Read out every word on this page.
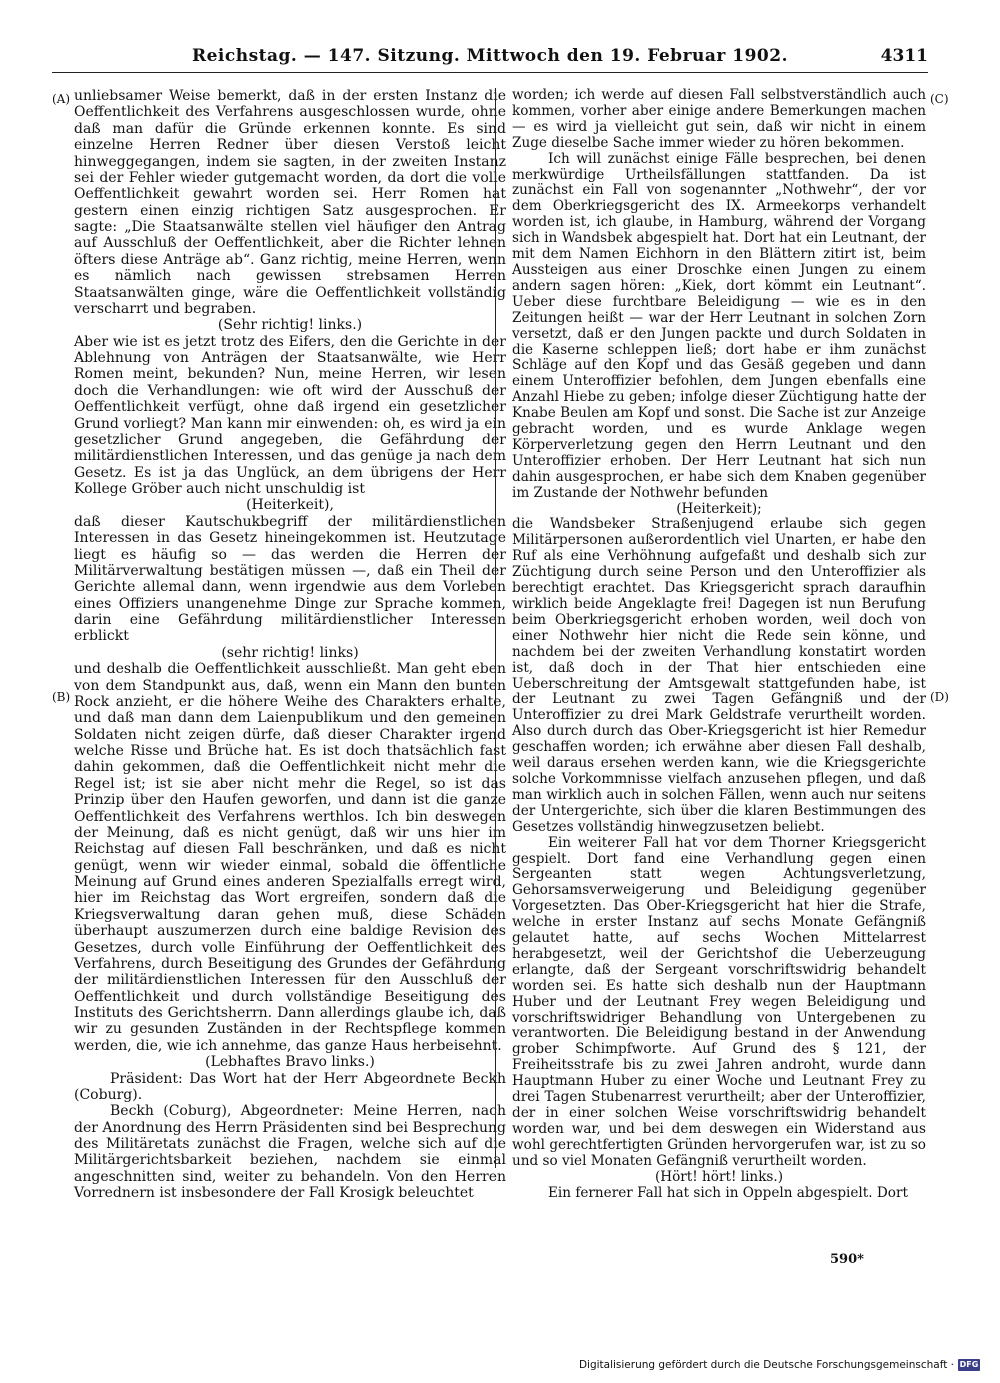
Reichstag. — 147. Sitzung. Mittwoch den 19. Februar 1902.	4311
(A)
(B)
(C)
(D)

unliebsamer Weise bemerkt, daß in der ersten Instanz die Oeffentlichkeit des Verfahrens ausgeschlossen wurde, ohne daß man dafür die Gründe erkennen konnte. Es sind einzelne Herren Redner über diesen Verstoß leicht hinweggegangen, indem sie sagten, in der zweiten Instanz sei der Fehler wieder gutgemacht worden, da dort die volle Oeffentlichkeit gewahrt worden sei. Herr Romen hat gestern einen einzig richtigen Satz ausgesprochen. Er sagte: „Die Staatsanwälte stellen viel häufiger den Antrag auf Ausschluß der Oeffentlichkeit, aber die Richter lehnen öfters diese Anträge ab“. Ganz richtig, meine Herren, wenn es nämlich nach gewissen strebsamen Herren Staatsanwälten ginge, wäre die Oeffentlichkeit vollständig verscharrt und begraben.

(Sehr richtig! links.)

Aber wie ist es jetzt trotz des Eifers, den die Gerichte in der Ablehnung von Anträgen der Staatsanwälte, wie Herr Romen meint, bekunden? Nun, meine Herren, wir lesen doch die Verhandlungen: wie oft wird der Ausschuß der Oeffentlichkeit verfügt, ohne daß irgend ein gesetzlicher Grund vorliegt? Man kann mir einwenden: oh, es wird ja ein gesetzlicher Grund angegeben, die Gefährdung der militärdienstlichen Interessen, und das genüge ja nach dem Gesetz. Es ist ja das Unglück, an dem übrigens der Herr Kollege Gröber auch nicht unschuldig ist

(Heiterkeit),

daß dieser Kautschukbegriff der militärdienstlichen Interessen in das Gesetz hineingekommen ist. Heutzutage liegt es häufig so — das werden die Herren der Militärverwaltung bestätigen müssen —, daß ein Theil der Gerichte allemal dann, wenn irgendwie aus dem Vorleben eines Offiziers unangenehme Dinge zur Sprache kommen, darin eine Gefährdung militärdienstlicher Interessen erblickt

(sehr richtig! links)

und deshalb die Oeffentlichkeit ausschließt. Man geht eben von dem Standpunkt aus, daß, wenn ein Mann den bunten Rock anzieht, er die höhere Weihe des Charakters erhalte, und daß man dann dem Laienpublikum und den gemeinen Soldaten nicht zeigen dürfe, daß dieser Charakter irgend welche Risse und Brüche hat. Es ist doch thatsächlich fast dahin gekommen, daß die Oeffentlichkeit nicht mehr die Regel ist; ist sie aber nicht mehr die Regel, so ist das Prinzip über den Haufen geworfen, und dann ist die ganze Oeffentlichkeit des Verfahrens werthlos. Ich bin deswegen der Meinung, daß es nicht genügt, daß wir uns hier im Reichstag auf diesen Fall beschränken, und daß es nicht genügt, wenn wir wieder einmal, sobald die öffentliche Meinung auf Grund eines anderen Spezialfalls erregt wird, hier im Reichstag das Wort ergreifen, sondern daß die Kriegsverwaltung daran gehen muß, diese Schäden überhaupt auszumerzen durch eine baldige Revision des Gesetzes, durch volle Einführung der Oeffentlichkeit des Verfahrens, durch Beseitigung des Grundes der Gefährdung der militärdienstlichen Interessen für den Ausschluß der Oeffentlichkeit und durch vollständige Beseitigung des Instituts des Gerichtsherrn. Dann allerdings glaube ich, daß wir zu gesunden Zuständen in der Rechtspflege kommen werden, die, wie ich annehme, das ganze Haus herbeisehnt.

(Lebhaftes Bravo links.)

Präsident: Das Wort hat der Herr Abgeordnete Beckh (Coburg).

Beckh (Coburg), Abgeordneter: Meine Herren, nach der Anordnung des Herrn Präsidenten sind bei Besprechung des Militäretats zunächst die Fragen, welche sich auf die Militärgerichtsbarkeit beziehen, nachdem sie einmal angeschnitten sind, weiter zu behandeln. Von den Herren Vorrednern ist insbesondere der Fall Krosigk beleuchtet

worden; ich werde auf diesen Fall selbstverständlich auch kommen, vorher aber einige andere Bemerkungen machen — es wird ja vielleicht gut sein, daß wir nicht in einem Zuge dieselbe Sache immer wieder zu hören bekommen.

Ich will zunächst einige Fälle besprechen, bei denen merkwürdige Urtheilsfällungen stattfanden. Da ist zunächst ein Fall von sogenannter „Nothwehr“, der vor dem Oberkriegsgericht des IX. Armeekorps verhandelt worden ist, ich glaube, in Hamburg, während der Vorgang sich in Wandsbek abgespielt hat. Dort hat ein Leutnant, der mit dem Namen Eichhorn in den Blättern zitirt ist, beim Aussteigen aus einer Droschke einen Jungen zu einem andern sagen hören: „Kiek, dort kömmt ein Leutnant“. Ueber diese furchtbare Beleidigung — wie es in den Zeitungen heißt — war der Herr Leutnant in solchen Zorn versetzt, daß er den Jungen packte und durch Soldaten in die Kaserne schleppen ließ; dort habe er ihm zunächst Schläge auf den Kopf und das Gesäß gegeben und dann einem Unteroffizier befohlen, dem Jungen ebenfalls eine Anzahl Hiebe zu geben; infolge dieser Züchtigung hatte der Knabe Beulen am Kopf und sonst. Die Sache ist zur Anzeige gebracht worden, und es wurde Anklage wegen Körperverletzung gegen den Herrn Leutnant und den Unteroffizier erhoben. Der Herr Leutnant hat sich nun dahin ausgesprochen, er habe sich dem Knaben gegenüber im Zustande der Nothwehr befunden

(Heiterkeit);

die Wandsbeker Straßenjugend erlaube sich gegen Militärpersonen außerordentlich viel Unarten, er habe den Ruf als eine Verhöhnung aufgefaßt und deshalb sich zur Züchtigung durch seine Person und den Unteroffizier als berechtigt erachtet. Das Kriegsgericht sprach daraufhin wirklich beide Angeklagte frei! Dagegen ist nun Berufung beim Oberkriegsgericht erhoben worden, weil doch von einer Nothwehr hier nicht die Rede sein könne, und nachdem bei der zweiten Verhandlung konstatirt worden ist, daß doch in der That hier entschieden eine Ueberschreitung der Amtsgewalt stattgefunden habe, ist der Leutnant zu zwei Tagen Gefängniß und der Unteroffizier zu drei Mark Geldstrafe verurtheilt worden. Also durch durch das Ober-Kriegsgericht ist hier Remedur geschaffen worden; ich erwähne aber diesen Fall deshalb, weil daraus ersehen werden kann, wie die Kriegsgerichte solche Vorkommnisse vielfach anzusehen pflegen, und daß man wirklich auch in solchen Fällen, wenn auch nur seitens der Untergerichte, sich über die klaren Bestimmungen des Gesetzes vollständig hinwegzusetzen beliebt.

Ein weiterer Fall hat vor dem Thorner Kriegsgericht gespielt. Dort fand eine Verhandlung gegen einen Sergeanten statt wegen Achtungsverletzung, Gehorsamsverweigerung und Beleidigung gegenüber Vorgesetzten. Das Ober-Kriegsgericht hat hier die Strafe, welche in erster Instanz auf sechs Monate Gefängniß gelautet hatte, auf sechs Wochen Mittelarrest herabgesetzt, weil der Gerichtshof die Ueberzeugung erlangte, daß der Sergeant vorschriftswidrig behandelt worden sei. Es hatte sich deshalb nun der Hauptmann Huber und der Leutnant Frey wegen Beleidigung und vorschriftswidriger Behandlung von Untergebenen zu verantworten. Die Beleidigung bestand in der Anwendung grober Schimpfworte. Auf Grund des § 121, der Freiheitsstrafe bis zu zwei Jahren androht, wurde dann Hauptmann Huber zu einer Woche und Leutnant Frey zu drei Tagen Stubenarrest verurtheilt; aber der Unteroffizier, der in einer solchen Weise vorschriftswidrig behandelt worden war, und bei dem deswegen ein Widerstand aus wohl gerechtfertigten Gründen hervorgerufen war, ist zu so und so viel Monaten Gefängniß verurtheilt worden.

(Hört! hört! links.)

Ein fernerer Fall hat sich in Oppeln abgespielt. Dort

590*
Digitalisierung gefördert durch die Deutsche Forschungsgemeinschaft · DFG
